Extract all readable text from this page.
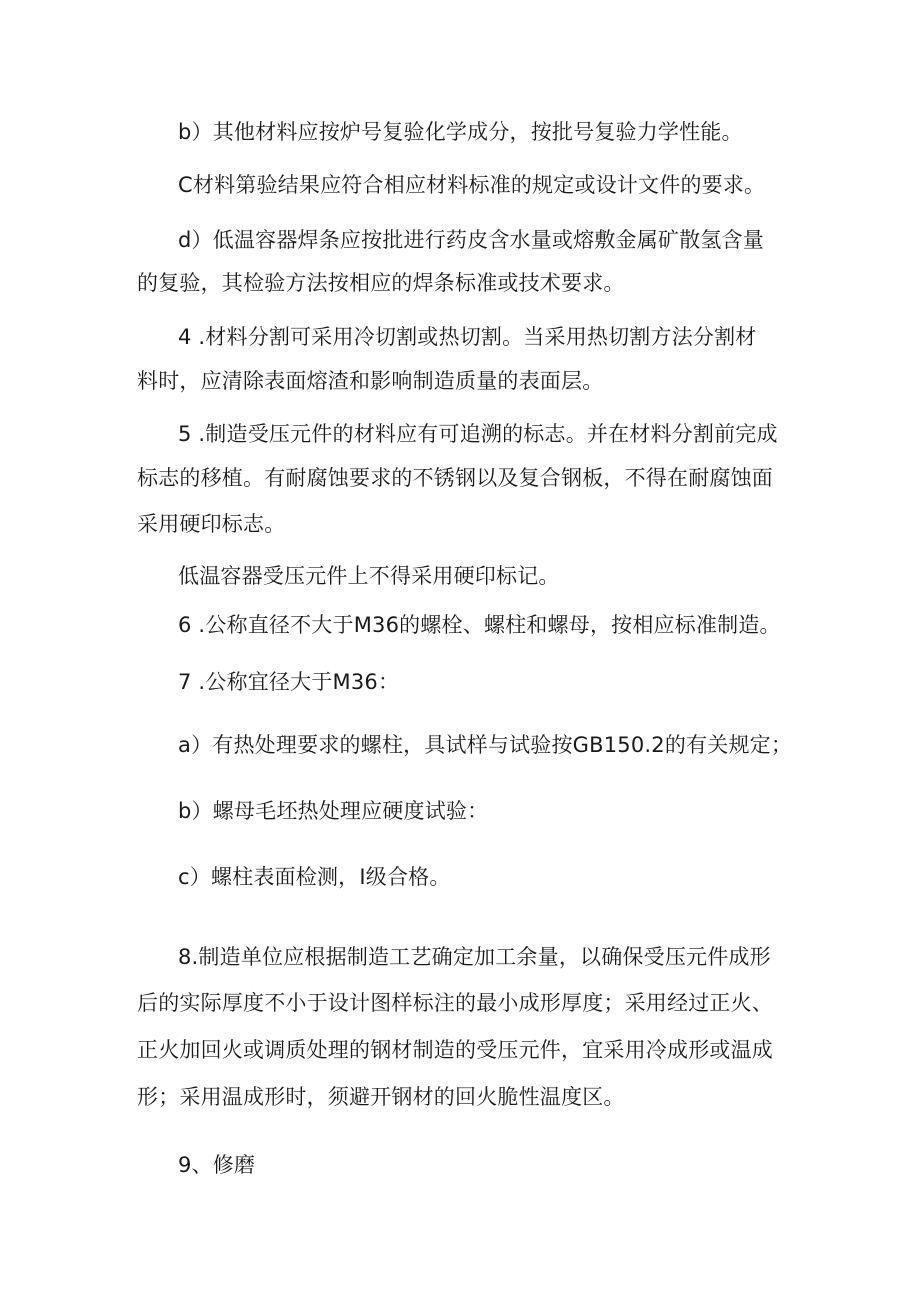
b）其他材料应按炉号复验化学成分，按批号复验力学性能。
C材料第验结果应符合相应材料标准的规定或设计文件的要求。
d）低温容器焊条应按批进行药皮含水量或熔敷金属矿散氢含量
的复验，其检验方法按相应的焊条标准或技术要求。
4 .材料分割可采用冷切割或热切割。当采用热切割方法分割材
料时，应清除表面熔渣和影响制造质量的表面层。
5 .制造受压元件的材料应有可追溯的标志。并在材料分割前完成
标志的移植。有耐腐蚀要求的不锈钢以及复合钢板，不得在耐腐蚀面
采用硬印标志。
低温容器受压元件上不得采用硬印标记。
6 .公称直径不大于M36的螺栓、螺柱和螺母，按相应标准制造。
7 .公称宜径大于M36：
a）有热处理要求的螺柱，具试样与试验按GB150.2的有关规定；
b）螺母毛坯热处理应硬度试验：
c）螺柱表面检测，I级合格。
8.制造单位应根据制造工艺确定加工余量，以确保受压元件成形
后的实际厚度不小于设计图样标注的最小成形厚度；采用经过正火、
正火加回火或调质处理的钢材制造的受压元件，宜采用冷成形或温成
形；采用温成形时，须避开钢材的回火脆性温度区。
9、修磨
